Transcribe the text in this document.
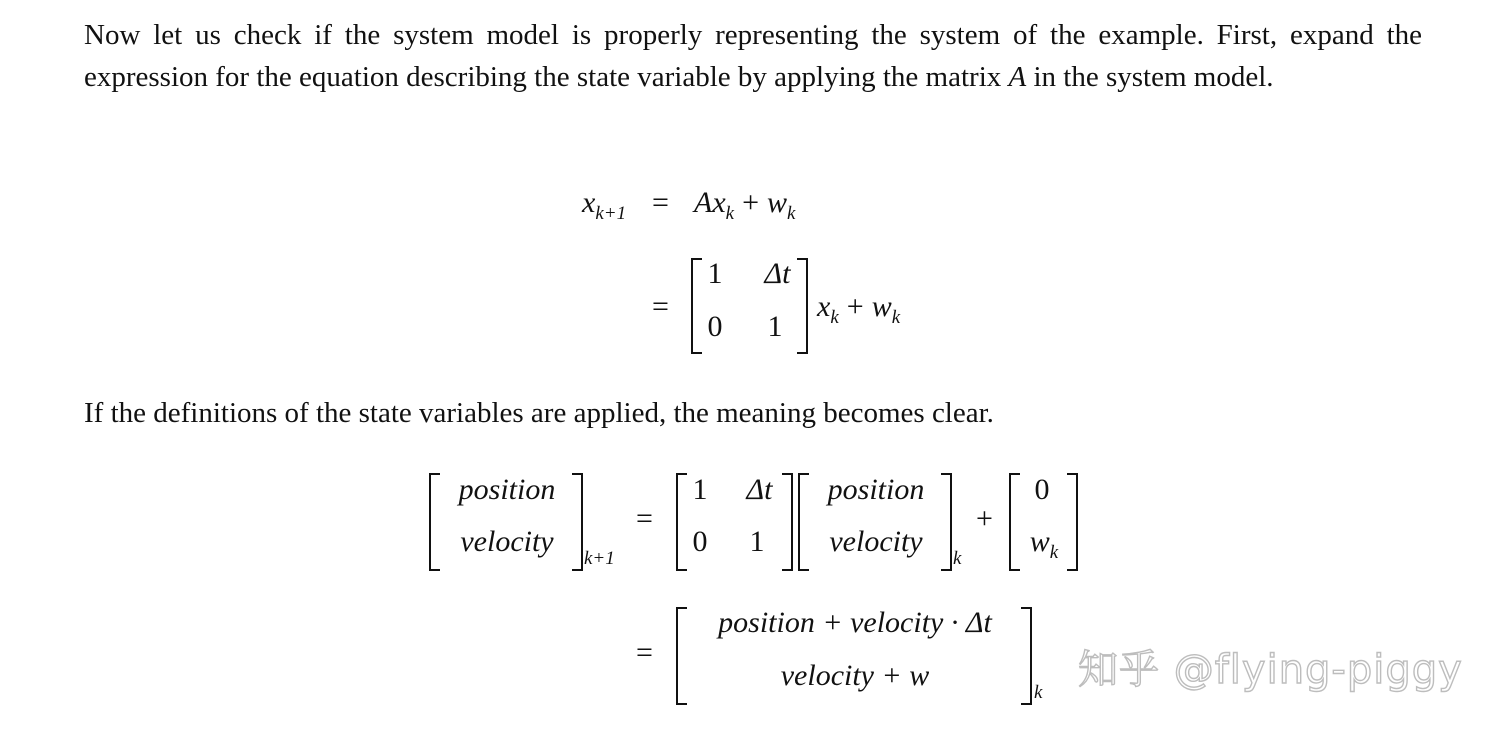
Now let us check if the system model is properly representing the system of the example. First, expand the expression for the equation describing the state variable by applying the matrix A in the system model.
$x_{k+1} = Ax_k + w_k$
=
1	Δt
0 1
$x_k + w_k$
If the definitions of the state variables are applied, the meaning becomes clear.
position
velocity
k+1
=
1	Δt
0 1
position
velocity
k
+
0
$w_k$
=
position + velocity · Δt
velocity + w
k 知乎 @flying-piggy
